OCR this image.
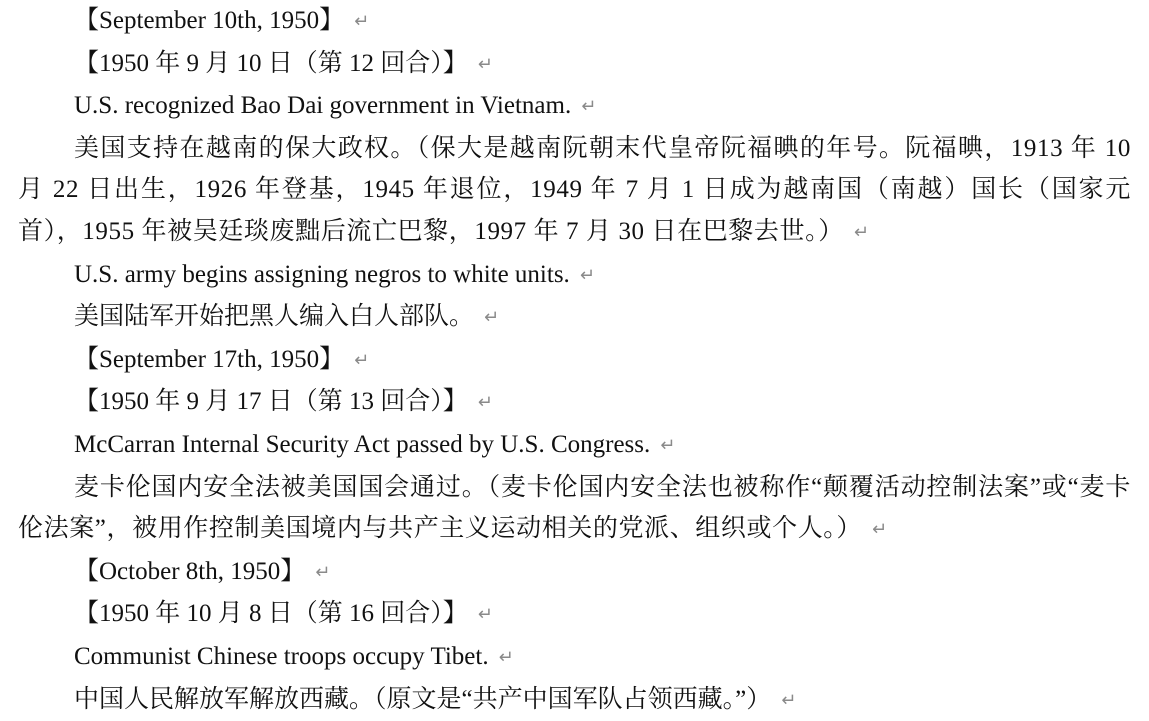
【September 10th, 1950】 ↵

【1950 年 9 月 10 日（第 12 回合）】 ↵

U.S. recognized Bao Dai government in Vietnam. ↵

美国支持在越南的保大政权。（保大是越南阮朝末代皇帝阮福晪的年号。阮福晪，1913 年 10 月 22 日出生，1926 年登基，1945 年退位，1949 年 7 月 1 日成为越南国（南越）国长（国家元首），1955 年被吴廷琰废黜后流亡巴黎，1997 年 7 月 30 日在巴黎去世。） ↵

U.S. army begins assigning negros to white units. ↵

美国陆军开始把黑人编入白人部队。 ↵

【September 17th, 1950】 ↵

【1950 年 9 月 17 日（第 13 回合）】 ↵

McCarran Internal Security Act passed by U.S. Congress. ↵

麦卡伦国内安全法被美国国会通过。（麦卡伦国内安全法也被称作“颠覆活动控制法案”或“麦卡伦法案”，被用作控制美国境内与共产主义运动相关的党派、组织或个人。） ↵

【October 8th, 1950】 ↵

【1950 年 10 月 8 日（第 16 回合）】 ↵

Communist Chinese troops occupy Tibet. ↵

中国人民解放军解放西藏。（原文是“共产中国军队占领西藏。”） ↵
